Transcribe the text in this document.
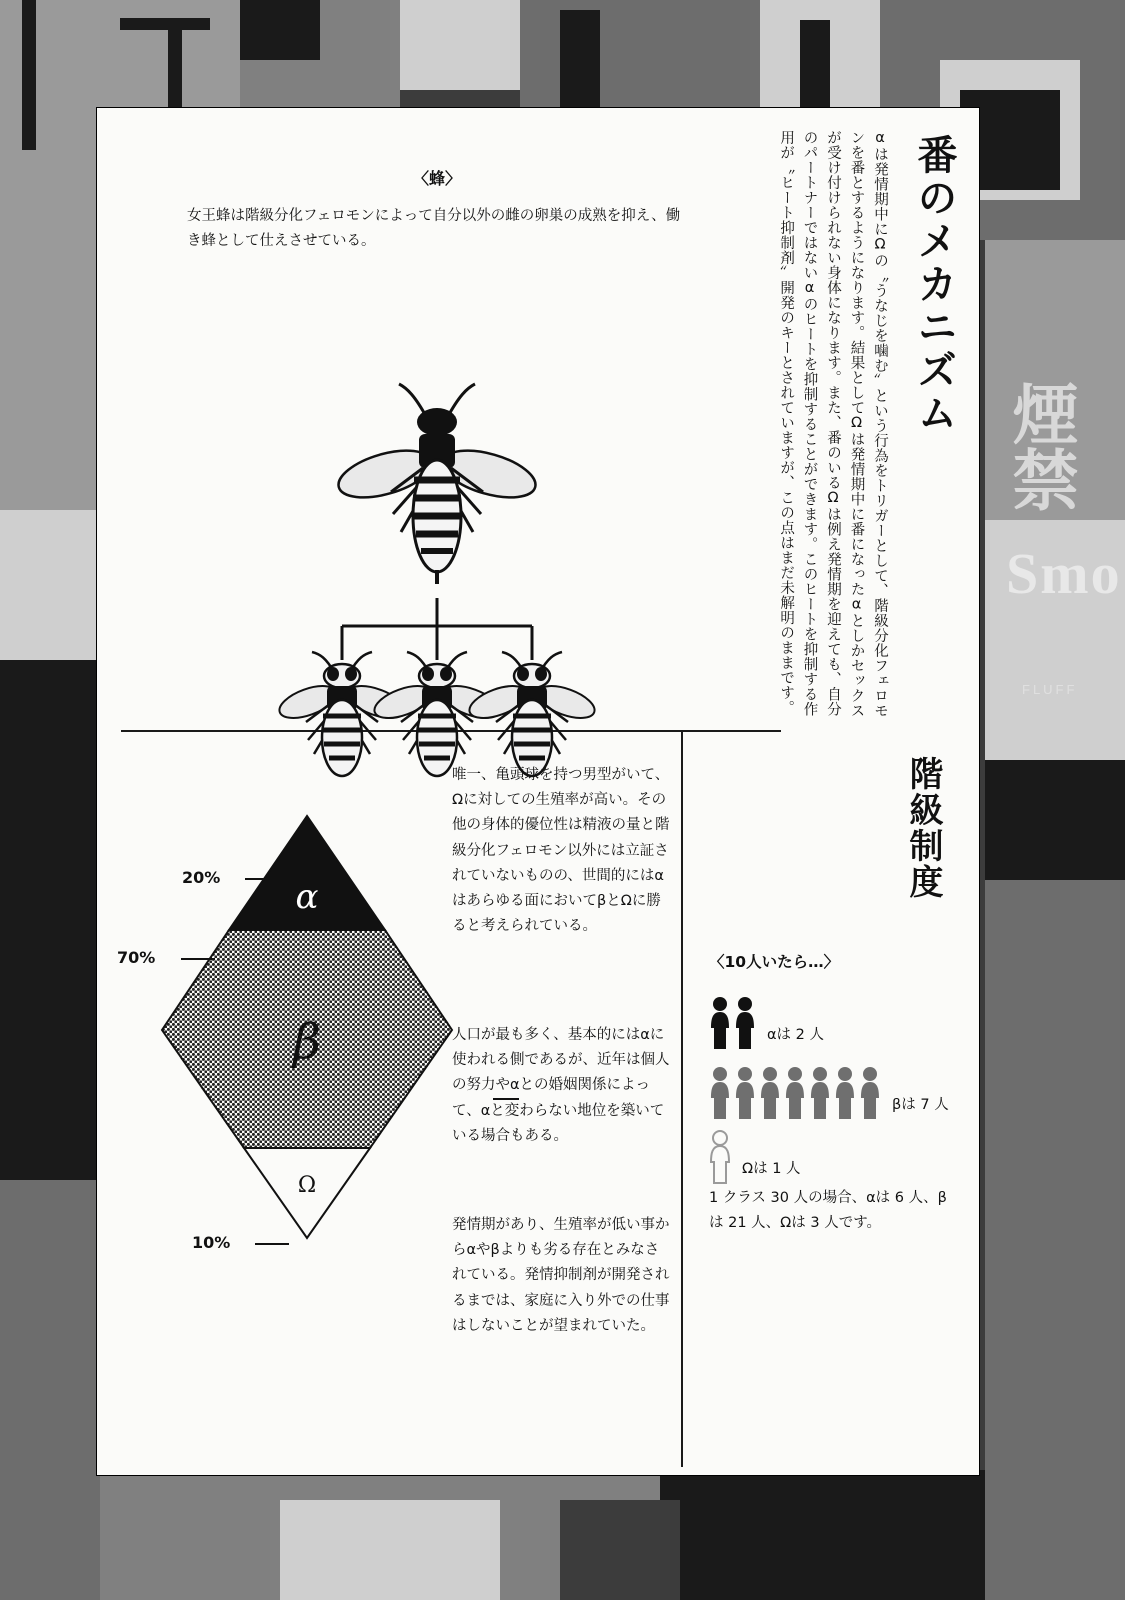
煙禁
Smo
FLUFF
番のメカニズム
αは発情期中にΩの〝うなじを噛む〟という行為をトリガーとして、階級分化フェロモンを番とするようになります。結果としてΩは発情期中に番になったαとしかセックスが受け付けられない身体になります。また、番のいるΩは例え発情期を迎えても、自分のパートナーではないαのヒートを抑制することができます。このヒートを抑制する作用が〝ヒート抑制剤〟開発のキーとされていますが、この点はまだ未解明のままです。
〈蜂〉
女王蜂は階級分化フェロモンによって自分以外の雌の卵巣の成熟を抑え、働き蜂として仕えさせている。
階級制度
α
β
Ω
20%
70%
10%
唯一、亀頭球を持つ男型がいて、Ωに対しての生殖率が高い。その他の身体的優位性は精液の量と階級分化フェロモン以外には立証されていないものの、世間的にはαはあらゆる面においてβとΩに勝ると考えられている。
人口が最も多く、基本的にはαに使われる側であるが、近年は個人の努力やαとの婚姻関係によって、αと変わらない地位を築いている場合もある。
発情期があり、生殖率が低い事からαやβよりも劣る存在とみなされている。発情抑制剤が開発されるまでは、家庭に入り外での仕事はしないことが望まれていた。
〈10人いたら…〉
αは 2 人
βは 7 人
Ωは 1 人
1 クラス 30 人の場合、αは 6 人、βは 21 人、Ωは 3 人です。
